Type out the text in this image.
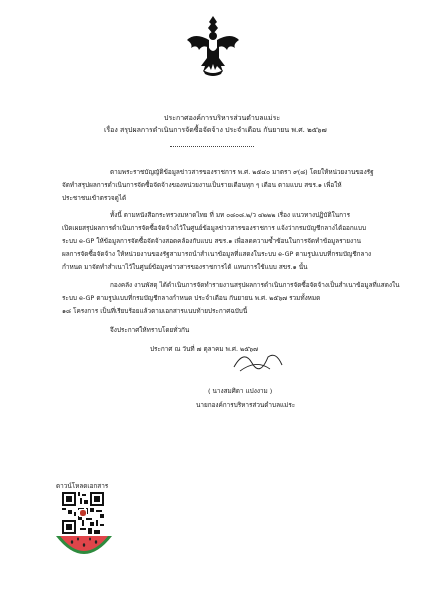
ประกาศองค์การบริหารส่วนตำบลแม่ระ
เรื่อง สรุปผลการดำเนินการจัดซื้อจัดจ้าง ประจำเดือน กันยายน พ.ศ. ๒๕๖๗
ตามพระราชบัญญัติข้อมูลข่าวสารของราชการ พ.ศ. ๒๕๔๐ มาตรา ๙(๘) โดยให้หน่วยงานของรัฐ
จัดทำสรุปผลการดำเนินการจัดซื้อจัดจ้างของหน่วยงานเป็นรายเดือนทุก ๆ เดือน ตามแบบ สขร.๑ เพื่อให้
ประชาชนเข้าตรวจดูได้
ทั้งนี้ ตามหนังสือกระทรวงมหาดไทย ที่ มท ๐๘๐๘.๒/ว ๔๒๒๒ เรื่อง แนวทางปฏิบัติในการ
เปิดเผยสรุปผลการดำเนินการจัดซื้อจัดจ้างไว้ในศูนย์ข้อมูลข่าวสารของราชการ แจ้งว่ากรมบัญชีกลางได้ออกแบบ
ระบบ e-GP ให้ข้อมูลการจัดซื้อจัดจ้างสอดคล้องกับแบบ สขร.๑ เพื่อลดความซ้ำซ้อนในการจัดทำข้อมูลรายงาน
ผลการจัดซื้อจัดจ้าง ให้หน่วยงานของรัฐสามารถนำสำเนาข้อมูลที่แสดงในระบบ e-GP ตามรูปแบบที่กรมบัญชีกลาง
กำหนด มาจัดทำสำเนาไว้ในศูนย์ข้อมูลข่าวสารของราชการได้ แทนการใช้แบบ สขร.๑ นั้น
กองคลัง งานพัสดุ ได้ดำเนินการจัดทำรายงานสรุปผลการดำเนินการจัดซื้อจัดจ้างเป็นสำเนาข้อมูลที่แสดงใน
ระบบ e-GP ตามรูปแบบที่กรมบัญชีกลางกำหนด ประจำเดือน กันยายน พ.ศ. ๒๕๖๗ รวมทั้งหมด
๑๘ โครงการ เป็นที่เรียบร้อยแล้วตามเอกสารแนบท้ายประกาศฉบับนี้
จึงประกาศให้ทราบโดยทั่วกัน
ประกาศ ณ วันที่ ๗ ตุลาคม พ.ศ. ๒๕๖๗
( นางสมศิดา แปงงาม )
นายกองค์การบริหารส่วนตำบลแม่ระ
ดาวน์โหลดเอกสาร
